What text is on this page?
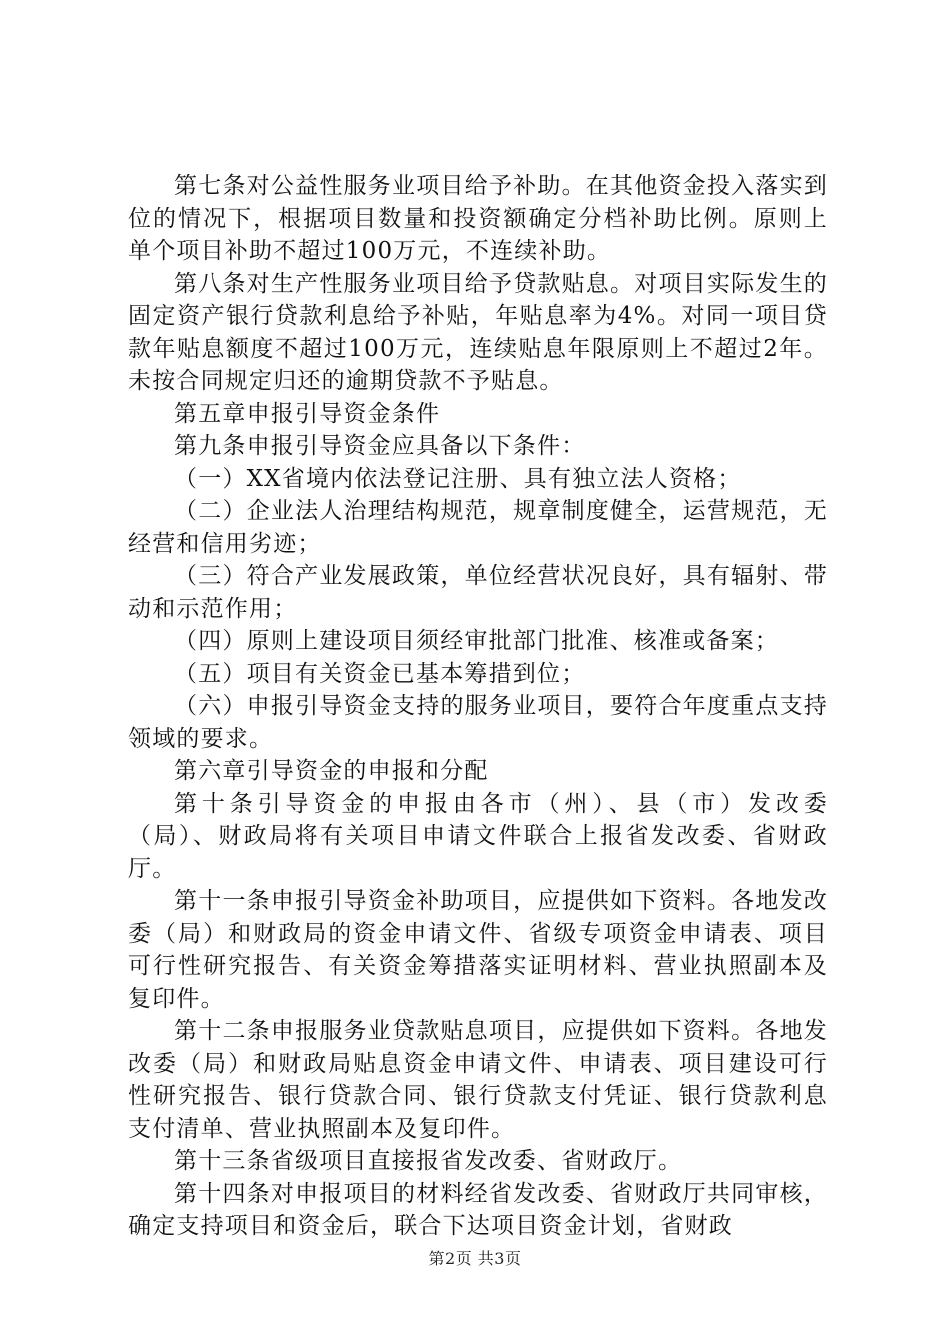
第七条对公益性服务业项目给予补助。在其他资金投入落实到位的情况下，根据项目数量和投资额确定分档补助比例。原则上单个项目补助不超过100万元，不连续补助。

第八条对生产性服务业项目给予贷款贴息。对项目实际发生的固定资产银行贷款利息给予补贴，年贴息率为4%。对同一项目贷款年贴息额度不超过100万元，连续贴息年限原则上不超过2年。未按合同规定归还的逾期贷款不予贴息。

第五章申报引导资金条件

第九条申报引导资金应具备以下条件：

（一）XX省境内依法登记注册、具有独立法人资格；

（二）企业法人治理结构规范，规章制度健全，运营规范，无经营和信用劣迹；

（三）符合产业发展政策，单位经营状况良好，具有辐射、带动和示范作用；

（四）原则上建设项目须经审批部门批准、核准或备案；

（五）项目有关资金已基本筹措到位；

（六）申报引导资金支持的服务业项目，要符合年度重点支持领域的要求。

第六章引导资金的申报和分配

第十条引导资金的申报由各市（州）、县（市）发改委（局）、财政局将有关项目申请文件联合上报省发改委、省财政厅。

第十一条申报引导资金补助项目，应提供如下资料。各地发改委（局）和财政局的资金申请文件、省级专项资金申请表、项目可行性研究报告、有关资金筹措落实证明材料、营业执照副本及复印件。

第十二条申报服务业贷款贴息项目，应提供如下资料。各地发改委（局）和财政局贴息资金申请文件、申请表、项目建设可行性研究报告、银行贷款合同、银行贷款支付凭证、银行贷款利息支付清单、营业执照副本及复印件。

第十三条省级项目直接报省发改委、省财政厅。

第十四条对申报项目的材料经省发改委、省财政厅共同审核，确定支持项目和资金后，联合下达项目资金计划，省财政

第2页 共3页
